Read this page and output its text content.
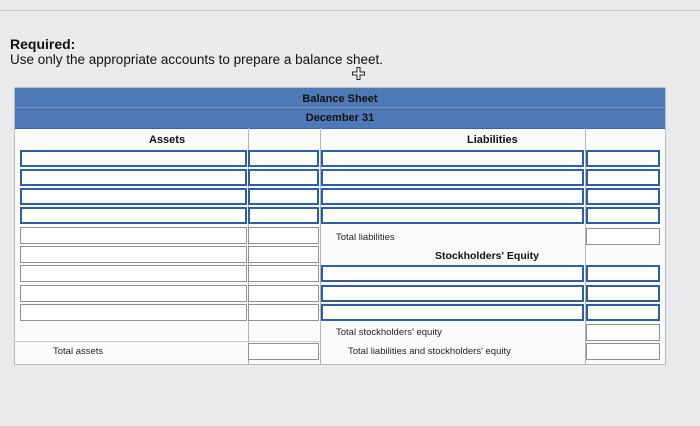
Required:
Use only the appropriate accounts to prepare a balance sheet.
Balance Sheet
December 31
Assets	Liabilities
Total assets
Total liabilities
Stockholders' Equity
Total stockholders' equity
Total liabilities and stockholders' equity
